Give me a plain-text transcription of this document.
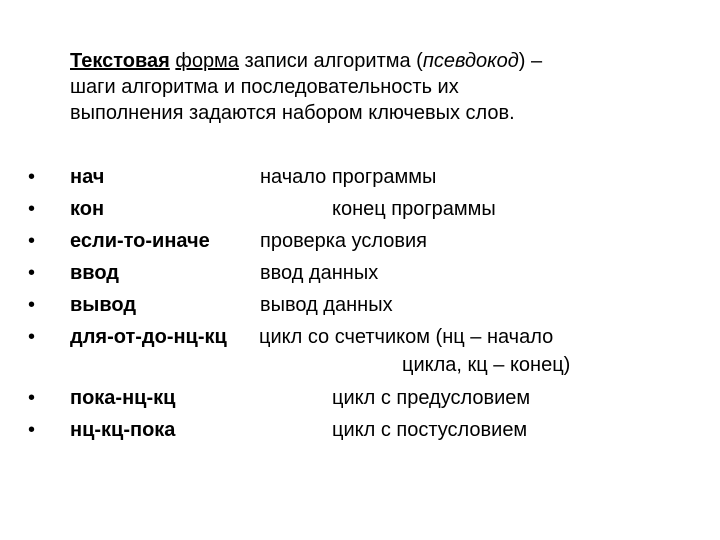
Текстовая форма записи алгоритма (псевдокод) –
шаги алгоритма и последовательность их
выполнения задаются набором ключевых слов.
• нач	начало программы
• кон	конец программы
• если-то-иначе	проверка условия
• ввод	ввод данных
• вывод	вывод данных
• для-от-до-нц-кц цикл со счетчиком (нц – начало
цикла, кц – конец)
• пока-нц-кц	цикл с предусловием
• нц-кц-пока	цикл с постусловием
